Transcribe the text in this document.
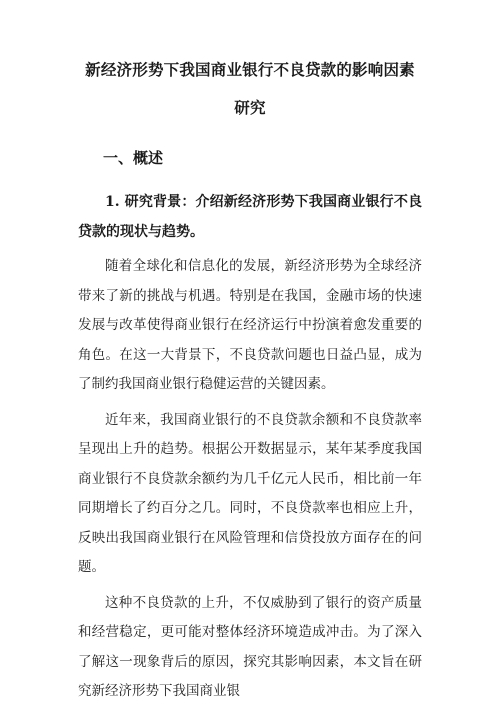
新经济形势下我国商业银行不良贷款的影响因素
研究
一、概述
1. 研究背景：介绍新经济形势下我国商业银行不良贷款的现状与趋势。

随着全球化和信息化的发展，新经济形势为全球经济带来了新的挑战与机遇。特别是在我国，金融市场的快速发展与改革使得商业银行在经济运行中扮演着愈发重要的角色。在这一大背景下，不良贷款问题也日益凸显，成为了制约我国商业银行稳健运营的关键因素。

近年来，我国商业银行的不良贷款余额和不良贷款率呈现出上升的趋势。根据公开数据显示，某年某季度我国商业银行不良贷款余额约为几千亿元人民币，相比前一年同期增长了约百分之几。同时，不良贷款率也相应上升，反映出我国商业银行在风险管理和信贷投放方面存在的问题。

这种不良贷款的上升，不仅威胁到了银行的资产质量和经营稳定，更可能对整体经济环境造成冲击。为了深入了解这一现象背后的原因，探究其影响因素，本文旨在研究新经济形势下我国商业银
